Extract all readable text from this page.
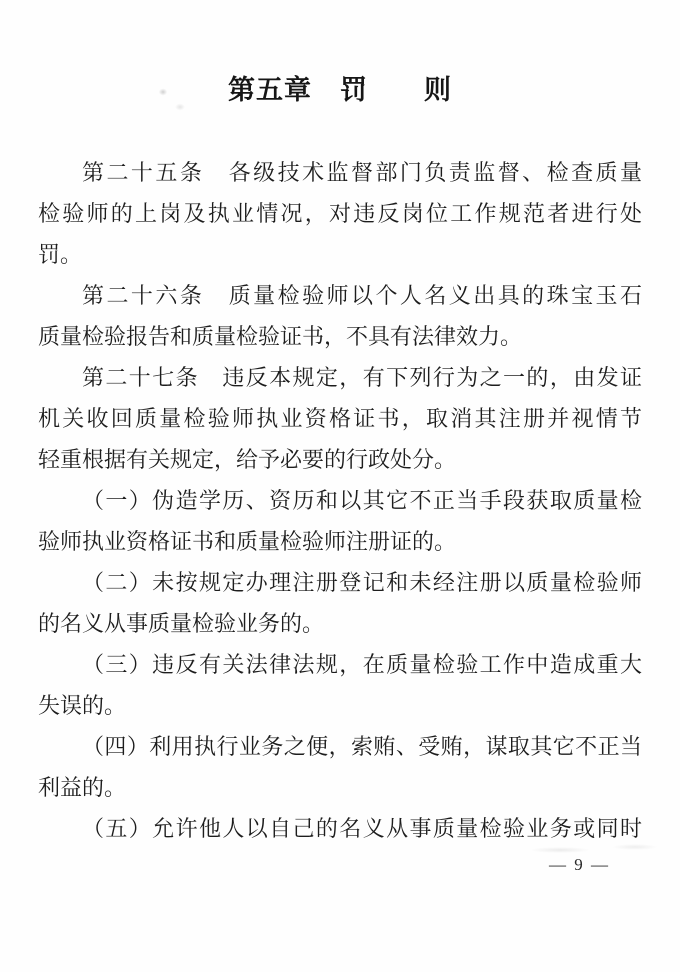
第五章　罚　　则
第二十五条　各级技术监督部门负责监督、检查质量
检验师的上岗及执业情况，对违反岗位工作规范者进行处
罚。
第二十六条　质量检验师以个人名义出具的珠宝玉石
质量检验报告和质量检验证书，不具有法律效力。
第二十七条　违反本规定，有下列行为之一的，由发证
机关收回质量检验师执业资格证书，取消其注册并视情节
轻重根据有关规定，给予必要的行政处分。
（一）伪造学历、资历和以其它不正当手段获取质量检
验师执业资格证书和质量检验师注册证的。
（二）未按规定办理注册登记和未经注册以质量检验师
的名义从事质量检验业务的。
（三）违反有关法律法规，在质量检验工作中造成重大
失误的。
（四）利用执行业务之便，索贿、受贿，谋取其它不正当
利益的。
（五）允许他人以自己的名义从事质量检验业务或同时
— 9 —
